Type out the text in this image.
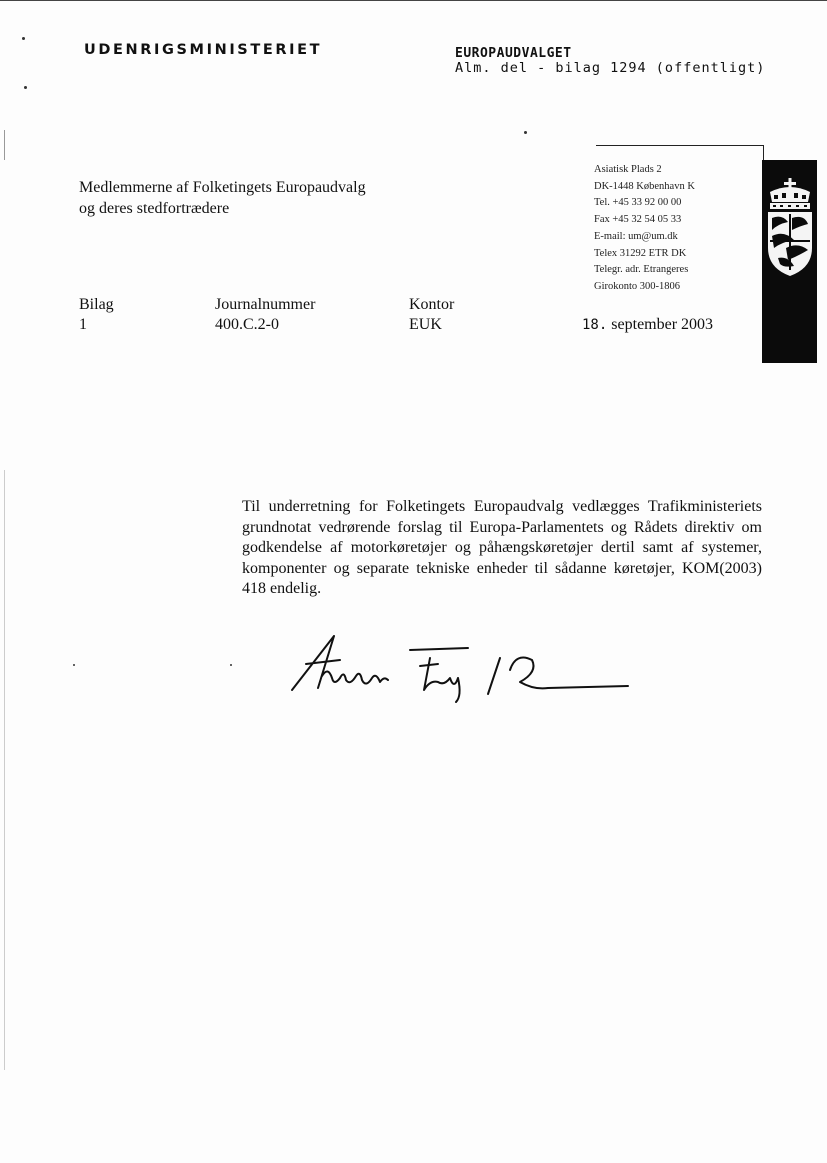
UDENRIGSMINISTERIET	EUROPAUDVALGET
Alm. del - bilag 1294 (offentligt)
Medlemmerne af Folketingets Europaudvalg
og deres stedfortrædere
Asiatisk Plads 2
DK-1448 København K
Tel. +45 33 92 00 00
Fax +45 32 54 05 33
E-mail: um@um.dk
Telex 31292 ETR DK
Telegr. adr. Etrangeres
Girokonto 300-1806
Bilag
1
Journalnummer
400.C.2-0
Kontor
EUK	18. september 2003
Til underretning for Folketingets Europaudvalg vedlægges Trafikministeriets grundnotat vedrørende forslag til Europa-Parlamentets og Rådets direktiv om godkendelse af motorkøretøjer og påhængskøretøjer dertil samt af systemer, komponenter og separate tekniske enheder til sådanne køretøjer, KOM(2003) 418 endelig.
